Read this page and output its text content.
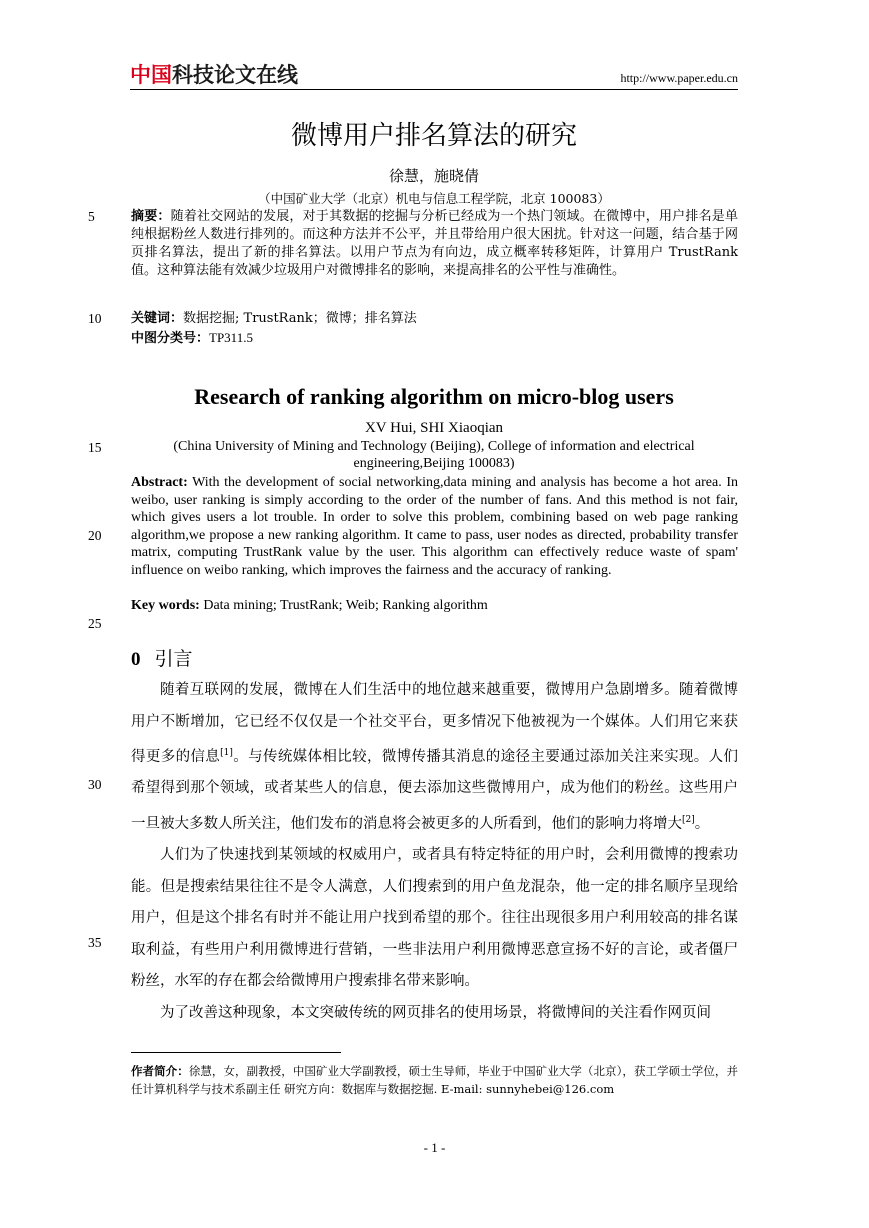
中国科技论文在线	http://www.paper.edu.cn
微博用户排名算法的研究
徐慧，施晓倩
（中国矿业大学（北京）机电与信息工程学院，北京 100083）
5	摘要：随着社交网站的发展，对于其数据的挖掘与分析已经成为一个热门领域。在微博中，用户排名是单纯根据粉丝人数进行排列的。而这种方法并不公平，并且带给用户很大困扰。针对这一问题，结合基于网页排名算法，提出了新的排名算法。以用户节点为有向边，成立概率转移矩阵，计算用户 TrustRank 值。这种算法能有效减少垃圾用户对微博排名的影响，来提高排名的公平性与准确性。
10 关键词：数据挖掘; TrustRank；微博；排名算法
中图分类号：TP311.5
Research of ranking algorithm on micro-blog users
XV Hui, SHI Xiaoqian
15	(China University of Mining and Technology (Beijing), College of information and electrical
engineering,Beijing 100083)
20
Abstract: With the development of social networking,data mining and analysis has become a hot area. In weibo, user ranking is simply according to the order of the number of fans. And this method is not fair, which gives users a lot trouble. In order to solve this problem, combining based on web page ranking algorithm,we propose a new ranking algorithm. It came to pass, user nodes as directed, probability transfer matrix, computing TrustRank value by the user. This algorithm can effectively reduce waste of spam' influence on weibo ranking, which improves the fairness and the accuracy of ranking.
Key words: Data mining; TrustRank; Weib; Ranking algorithm
25
0 引言
30
35

随着互联网的发展，微博在人们生活中的地位越来越重要，微博用户急剧增多。随着微博用户不断增加，它已经不仅仅是一个社交平台，更多情况下他被视为一个媒体。人们用它来获得更多的信息[1]。与传统媒体相比较，微博传播其消息的途径主要通过添加关注来实现。人们希望得到那个领域，或者某些人的信息，便去添加这些微博用户，成为他们的粉丝。这些用户一旦被大多数人所关注，他们发布的消息将会被更多的人所看到，他们的影响力将增大[2]。

人们为了快速找到某领域的权威用户，或者具有特定特征的用户时，会利用微博的搜索功能。但是搜索结果往往不是令人满意，人们搜索到的用户鱼龙混杂，他一定的排名顺序呈现给用户，但是这个排名有时并不能让用户找到希望的那个。往往出现很多用户利用较高的排名谋取利益，有些用户利用微博进行营销，一些非法用户利用微博恶意宣扬不好的言论，或者僵尸粉丝，水军的存在都会给微博用户搜索排名带来影响。

为了改善这种现象，本文突破传统的网页排名的使用场景，将微博间的关注看作网页间

作者简介：徐慧，女，副教授，中国矿业大学副教授，硕士生导师，毕业于中国矿业大学（北京），获工学硕士学位，并任计算机科学与技术系副主任 研究方向：数据库与数据挖掘. E-mail: sunnyhebei@126.com
- 1 -
